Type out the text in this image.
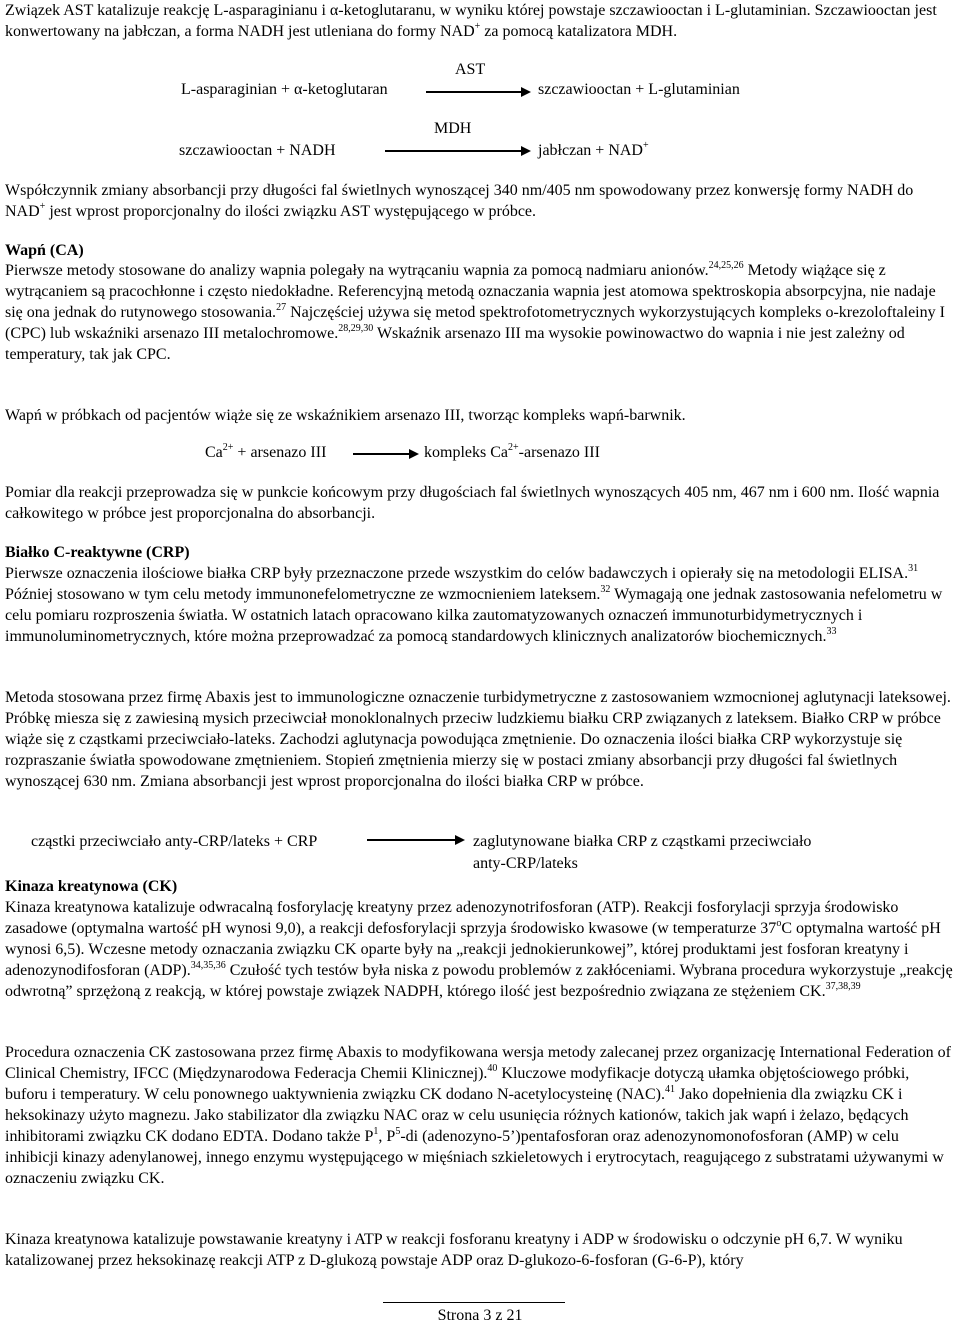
Związek AST katalizuje reakcję L-asparaginianu i α-ketoglutaranu, w wyniku której powstaje szczawiooctan i L-glutaminian. Szczawiooctan jest konwertowany na jabłczan, a forma NADH jest utleniana do formy NAD+ za pomocą katalizatora MDH.

L-asparaginian + α-ketoglutaran
AST
szczawiooctan + L-glutaminian
szczawiooctan + NADH
MDH
jabłczan + NAD+

Współczynnik zmiany absorbancji przy długości fal świetlnych wynoszącej 340 nm/405 nm spowodowany przez konwersję formy NADH do NAD+ jest wprost proporcjonalny do ilości związku AST występującego w próbce.

Wapń (CA)

Pierwsze metody stosowane do analizy wapnia polegały na wytrącaniu wapnia za pomocą nadmiaru anionów.$^{24,25,26}$ Metody wiążące się z wytrącaniem są pracochłonne i często niedokładne. Referencyjną metodą oznaczania wapnia jest atomowa spektroskopia absorpcyjna, nie nadaje się ona jednak do rutynowego stosowania.$^{27}$ Najczęściej używa się metod spektrofotometrycznych wykorzystujących kompleks o-krezoloftaleiny I (CPC) lub wskaźniki arsenazo III metalochromowe.$^{28,29,30}$ Wskaźnik arsenazo III ma wysokie powinowactwo do wapnia i nie jest zależny od temperatury, tak jak CPC.

Wapń w próbkach od pacjentów wiąże się ze wskaźnikiem arsenazo III, tworząc kompleks wapń-barwnik.

$Ca^{2+}$ + arsenazo III	kompleks $Ca^{2+}$-arsenazo III

Pomiar dla reakcji przeprowadza się w punkcie końcowym przy długościach fal świetlnych wynoszących 405 nm, 467 nm i 600 nm. Ilość wapnia całkowitego w próbce jest proporcjonalna do absorbancji.

Białko C-reaktywne (CRP)

Pierwsze oznaczenia ilościowe białka CRP były przeznaczone przede wszystkim do celów badawczych i opierały się na metodologii ELISA.$^{31}$ Później stosowano w tym celu metody immunonefelometryczne ze wzmocnieniem lateksem.$^{32}$ Wymagają one jednak zastosowania nefelometru w celu pomiaru rozproszenia światła. W ostatnich latach opracowano kilka zautomatyzowanych oznaczeń immunoturbidymetrycznych i immunoluminometrycznych, które można przeprowadzać za pomocą standardowych klinicznych analizatorów biochemicznych.$^{33}$

Metoda stosowana przez firmę Abaxis jest to immunologiczne oznaczenie turbidymetryczne z zastosowaniem wzmocnionej aglutynacji lateksowej. Próbkę miesza się z zawiesiną mysich przeciwciał monoklonalnych przeciw ludzkiemu białku CRP związanych z lateksem. Białko CRP w próbce wiąże się z cząstkami przeciwciało-lateks. Zachodzi aglutynacja powodująca zmętnienie. Do oznaczenia ilości białka CRP wykorzystuje się rozpraszanie światła spowodowane zmętnieniem. Stopień zmętnienia mierzy się w postaci zmiany absorbancji przy długości fal świetlnych wynoszącej 630 nm. Zmiana absorbancji jest wprost proporcjonalna do ilości białka CRP w próbce.

cząstki przeciwciało anty-CRP/lateks + CRP	zaglutynowane białka CRP z cząstkami przeciwciało
anty-CRP/lateks

Kinaza kreatynowa (CK)

Kinaza kreatynowa katalizuje odwracalną fosforylację kreatyny przez adenozynotrifosforan (ATP). Reakcji fosforylacji sprzyja środowisko zasadowe (optymalna wartość pH wynosi 9,0), a reakcji defosforylacji sprzyja środowisko kwasowe (w temperaturze 37$^o$C optymalna wartość pH wynosi 6,5). Wczesne metody oznaczania związku CK oparte były na „reakcji jednokierunkowej”, której produktami jest fosforan kreatyny i adenozynodifosforan (ADP).$^{34,35,36}$ Czułość tych testów była niska z powodu problemów z zakłóceniami. Wybrana procedura wykorzystuje „reakcję odwrotną” sprzężoną z reakcją, w której powstaje związek NADPH, którego ilość jest bezpośrednio związana ze stężeniem CK.$^{37,38,39}$

Procedura oznaczenia CK zastosowana przez firmę Abaxis to modyfikowana wersja metody zalecanej przez organizację International Federation of Clinical Chemistry, IFCC (Międzynarodowa Federacja Chemii Klinicznej).$^{40}$ Kluczowe modyfikacje dotyczą ułamka objętościowego próbki, buforu i temperatury. W celu ponownego uaktywnienia związku CK dodano N-acetylocysteinę (NAC).$^{41}$ Jako dopełnienia dla związku CK i heksokinazy użyto magnezu. Jako stabilizator dla związku NAC oraz w celu usunięcia różnych kationów, takich jak wapń i żelazo, będących inhibitorami związku CK dodano EDTA. Dodano także $P^1$, $P^5-di$ (adenozyno-5’)pentafosforan oraz adenozynomonofosforan (AMP) w celu inhibicji kinazy adenylanowej, innego enzymu występującego w mięśniach szkieletowych i erytrocytach, reagującego z substratami używanymi w oznaczeniu związku CK.

Kinaza kreatynowa katalizuje powstawanie kreatyny i ATP w reakcji fosforanu kreatyny i ADP w środowisku o odczynie pH 6,7. W wyniku katalizowanej przez heksokinazę reakcji ATP z D-glukozą powstaje ADP oraz D-glukozo-6-fosforan (G-6-P), który

Strona 3 z 21
